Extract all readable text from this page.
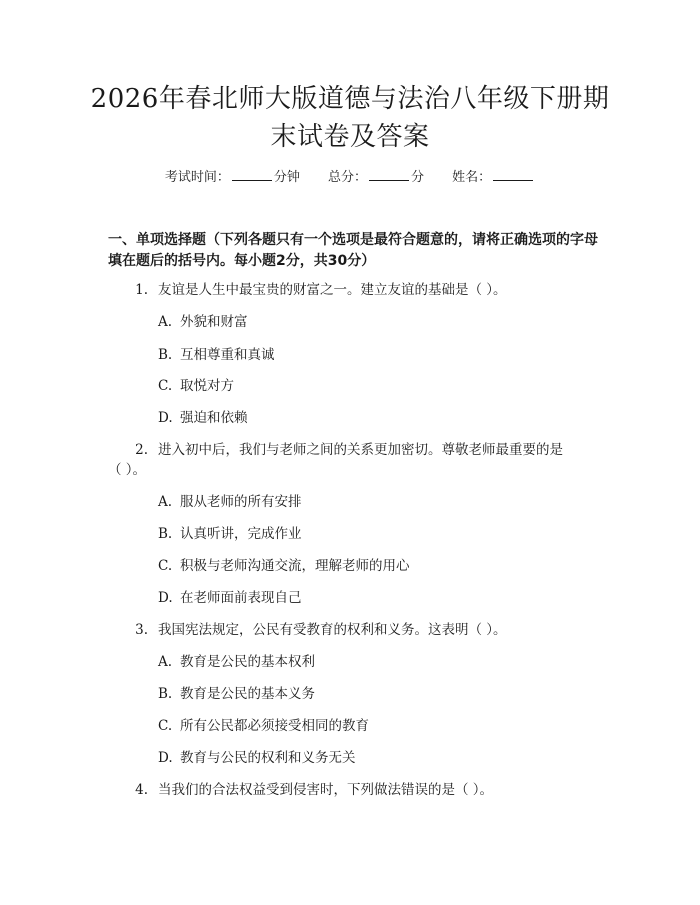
2026年春北师大版道德与法治八年级下册期
末试卷及答案
考试时间：	分钟 总分：	分 姓名：
一、单项选择题（下列各题只有一个选项是最符合题意的，请将正确选项的字母
填在题后的括号内。每小题2分，共30分）
1. 友谊是人生中最宝贵的财富之一。建立友谊的基础是（ ）。
A. 外貌和财富
B. 互相尊重和真诚
C. 取悦对方
D. 强迫和依赖
2. 进入初中后，我们与老师之间的关系更加密切。尊敬老师最重要的是
（ ）。
A. 服从老师的所有安排
B. 认真听讲，完成作业
C. 积极与老师沟通交流，理解老师的用心
D. 在老师面前表现自己
3. 我国宪法规定，公民有受教育的权利和义务。这表明（ ）。
A. 教育是公民的基本权利
B. 教育是公民的基本义务
C. 所有公民都必须接受相同的教育
D. 教育与公民的权利和义务无关
4. 当我们的合法权益受到侵害时，下列做法错误的是（ ）。
